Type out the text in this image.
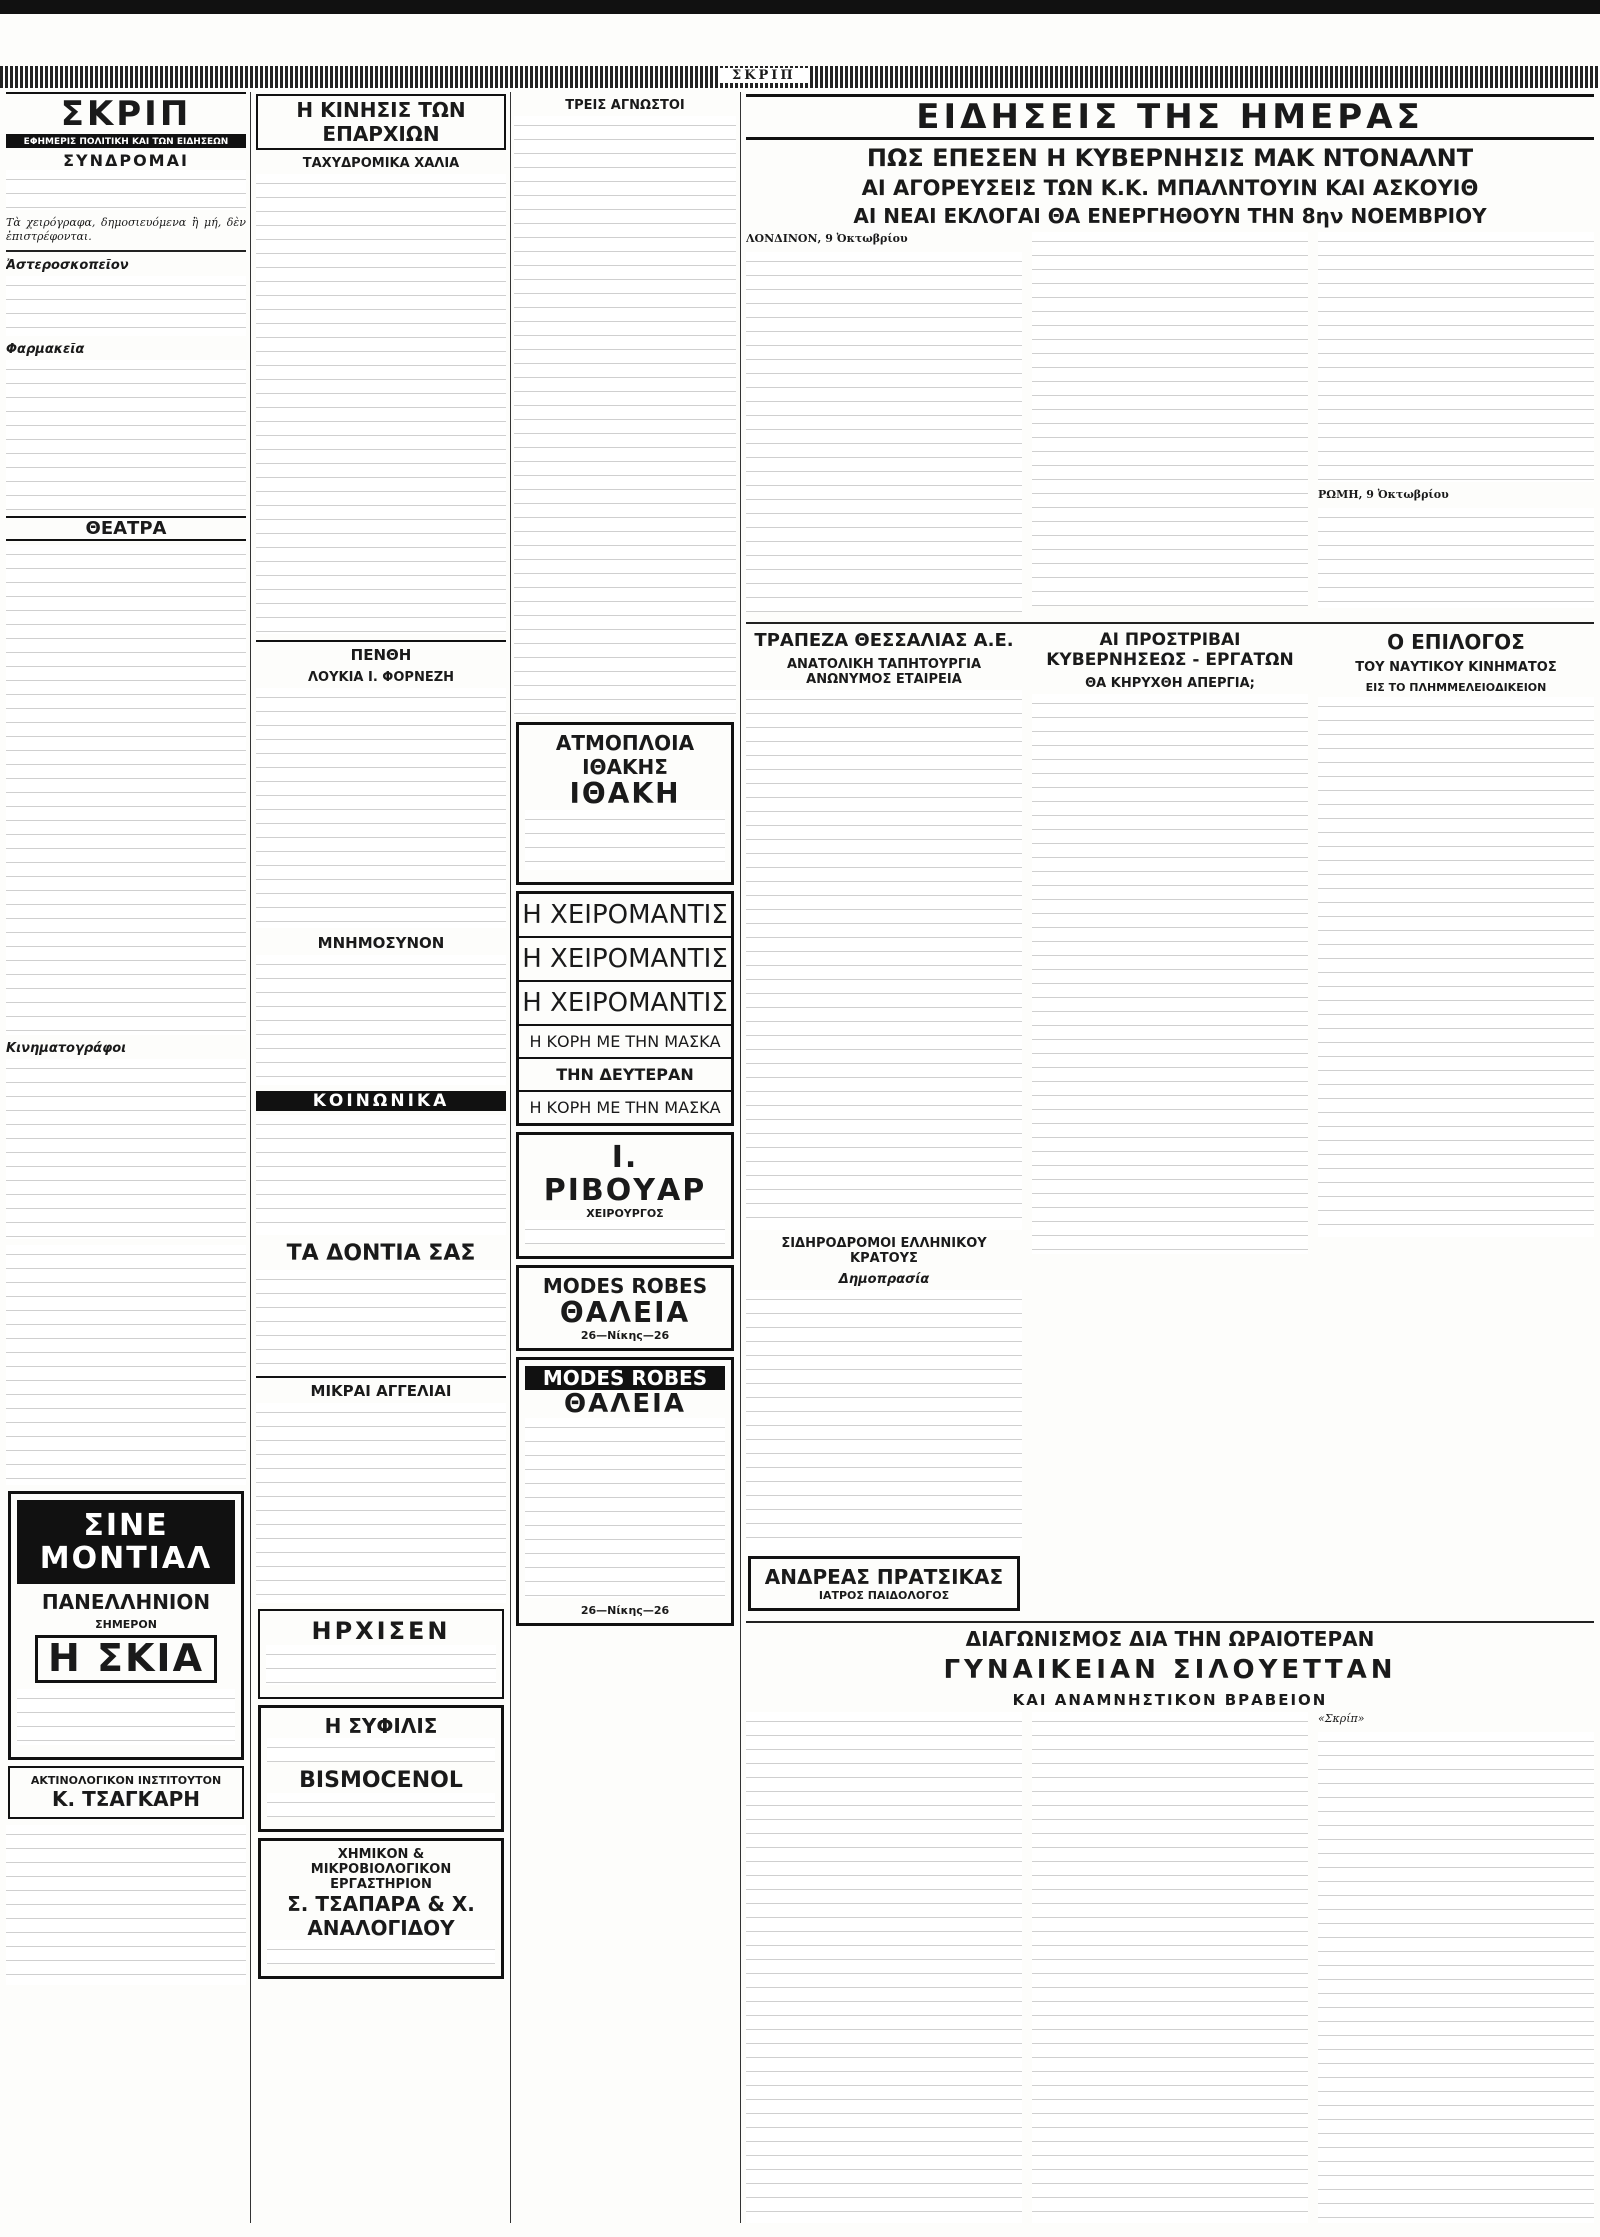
ΣΚΡΙΠ
ΣΚΡΙΠ
ΕΦΗΜΕΡΙΣ ΠΟΛΙΤΙΚΗ ΚΑΙ ΤΩΝ ΕΙΔΗΣΕΩΝ
ΣΥΝΔΡΟΜΑΙ
Τὰ χειρόγραφα, δημοσιευόμενα ἢ μή, δὲν ἐπιστρέφονται.
Ἀστεροσκοπεῖον
Φαρμακεῖα
ΘΕΑΤΡΑ
Κινηματογράφοι
ΣΙΝΕ ΜΟΝΤΙΑΛ
ΠΑΝΕΛΛΗΝΙΟΝ
ΣΗΜΕΡΟΝ
Η ΣΚΙΑ
ΑΚΤΙΝΟΛΟΓΙΚΟΝ ΙΝΣΤΙΤΟΥΤΟΝ
Κ. ΤΣΑΓΚΑΡΗ
Η ΚΙΝΗΣΙΣ ΤΩΝ ΕΠΑΡΧΙΩΝ
ΤΑΧΥΔΡΟΜΙΚΑ ΧΑΛΙΑ
ΠΕΝΘΗ
ΛΟΥΚΙΑ Ι. ΦΟΡΝΕΖΗ
ΜΝΗΜΟΣΥΝΟΝ
ΚΟΙΝΩΝΙΚΑ
ΤΑ ΔΟΝΤΙΑ ΣΑΣ
ΜΙΚΡΑΙ ΑΓΓΕΛΙΑΙ
ΗΡΧΙΣΕΝ
Η ΣΥΦΙΛΙΣ
BISMOCENOL
ΧΗΜΙΚΟΝ & ΜΙΚΡΟΒΙΟΛΟΓΙΚΟΝ ΕΡΓΑΣΤΗΡΙΟΝ
Σ. ΤΣΑΠΑΡΑ & Χ. ΑΝΑΛΟΓΙΔΟΥ
ΤΡΕΙΣ ΑΓΝΩΣΤΟΙ
ΑΤΜΟΠΛΟΙΑ ΙΘΑΚΗΣ
ΙΘΑΚΗ
Η ΧΕΙΡΟΜΑΝΤΙΣ
Η ΧΕΙΡΟΜΑΝΤΙΣ
Η ΧΕΙΡΟΜΑΝΤΙΣ
Η ΚΟΡΗ ΜΕ ΤΗΝ ΜΑΣΚΑ
ΤΗΝ ΔΕΥΤΕΡΑΝ
Η ΚΟΡΗ ΜΕ ΤΗΝ ΜΑΣΚΑ
Ι. ΡΙΒΟΥΑΡ
ΧΕΙΡΟΥΡΓΟΣ
MODES ROBES
ΘΑΛΕΙΑ
26—Νίκης—26
MODES ROBES
ΘΑΛΕΙΑ
26—Νίκης—26
ΕΙΔΗΣΕΙΣ ΤΗΣ ΗΜΕΡΑΣ
ΠΩΣ ΕΠΕΣΕΝ Η ΚΥΒΕΡΝΗΣΙΣ ΜΑΚ ΝΤΟΝΑΛΝΤ
ΑΙ ΑΓΟΡΕΥΣΕΙΣ ΤΩΝ Κ.Κ. ΜΠΑΛΝΤΟΥΙΝ ΚΑΙ ΑΣΚΟΥΙΘ
ΑΙ ΝΕΑΙ ΕΚΛΟΓΑΙ ΘΑ ΕΝΕΡΓΗΘΟΥΝ ΤΗΝ 8ην ΝΟΕΜΒΡΙΟΥ
ΛΟΝΔΙΝΟΝ, 9 Ὀκτωβρίου
ΡΩΜΗ, 9 Ὀκτωβρίου
ΤΡΑΠΕΖΑ ΘΕΣΣΑΛΙΑΣ Α.Ε.
ΑΝΑΤΟΛΙΚΗ ΤΑΠΗΤΟΥΡΓΙΑ ΑΝΩΝΥΜΟΣ ΕΤΑΙΡΕΙΑ
ΣΙΔΗΡΟΔΡΟΜΟΙ ΕΛΛΗΝΙΚΟΥ ΚΡΑΤΟΥΣ
Δημοπρασία
ΑΝΔΡΕΑΣ ΠΡΑΤΣΙΚΑΣ
ΙΑΤΡΟΣ ΠΑΙΔΟΛΟΓΟΣ
ΑΙ ΠΡΟΣΤΡΙΒΑΙ ΚΥΒΕΡΝΗΣΕΩΣ - ΕΡΓΑΤΩΝ
ΘΑ ΚΗΡΥΧΘΗ ΑΠΕΡΓΙΑ;
Ο ΕΠΙΛΟΓΟΣ
ΤΟΥ ΝΑΥΤΙΚΟΥ ΚΙΝΗΜΑΤΟΣ
ΕΙΣ ΤΟ ΠΛΗΜΜΕΛΕΙΟΔΙΚΕΙΟΝ
ΔΙΑΓΩΝΙΣΜΟΣ ΔΙΑ ΤΗΝ ΩΡΑΙΟΤΕΡΑΝ
ΓΥΝΑΙΚΕΙΑΝ ΣΙΛΟΥΕΤΤΑΝ
ΚΑΙ ΑΝΑΜΝΗΣΤΙΚΟΝ ΒΡΑΒΕΙΟΝ
«Σκρίπ»
